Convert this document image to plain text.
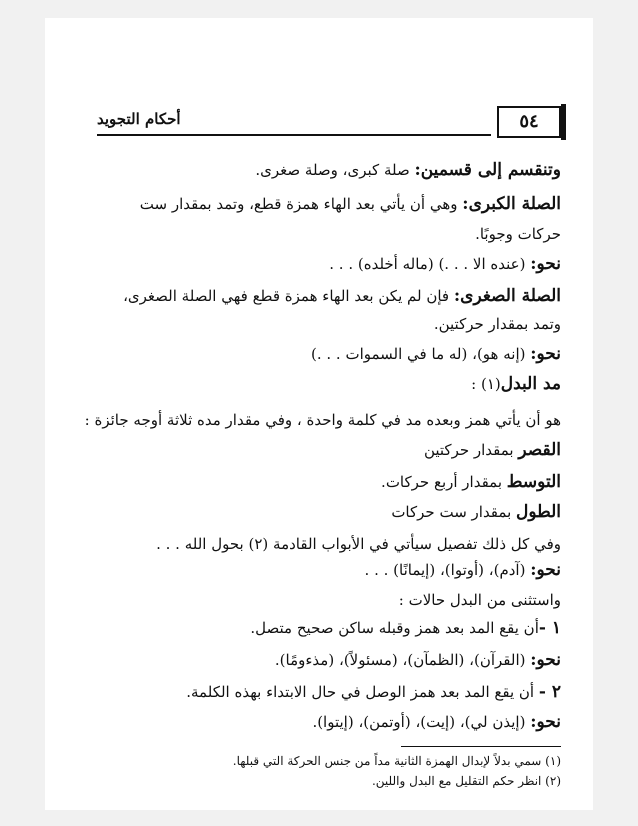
٥٤
أحكام التجويد
وتنقسم إلى قسمين: صلة كبرى، وصلة صغرى.
الصلة الكبرى: وهي أن يأتي بعد الهاء همزة قطع، وتمد بمقدار ست
حركات وجوبًا.
نحو: (عنده الا . . .) (ماله أخلده) . . .
الصلة الصغرى: فإن لم يكن بعد الهاء همزة قطع فهي الصلة الصغرى،
وتمد بمقدار حركتين.
نحو: (إنه هو)، (له ما في السموات . . .)
مد البدل(١) :
هو أن يأتي همز وبعده مد في كلمة واحدة ، وفي مقدار مده ثلاثة أوجه جائزة :
القصر بمقدار حركتين
التوسط بمقدار أربع حركات.
الطول بمقدار ست حركات
وفي كل ذلك تفصيل سيأتي في الأبواب القادمة (٢) بحول الله . . .
نحو: (آدم)، (أوتوا)، (إيمانًا) . . .
واستثنى من البدل حالات :
١ -أن يقع المد بعد همز وقبله ساكن صحيح متصل.
نحو: (القرآن)، (الظمآن)، (مسئولاً)، (مذءومًا).
٢ - أن يقع المد بعد همز الوصل في حال الابتداء بهذه الكلمة.
نحو: (إيذن لي)، (إيت)، (أوتمن)، (إيتوا).
(١) سمي بدلاً لإبدال الهمزة الثانية مداً من جنس الحركة التي قبلها.
(٢) انظر حكم التقليل مع البدل واللين.
